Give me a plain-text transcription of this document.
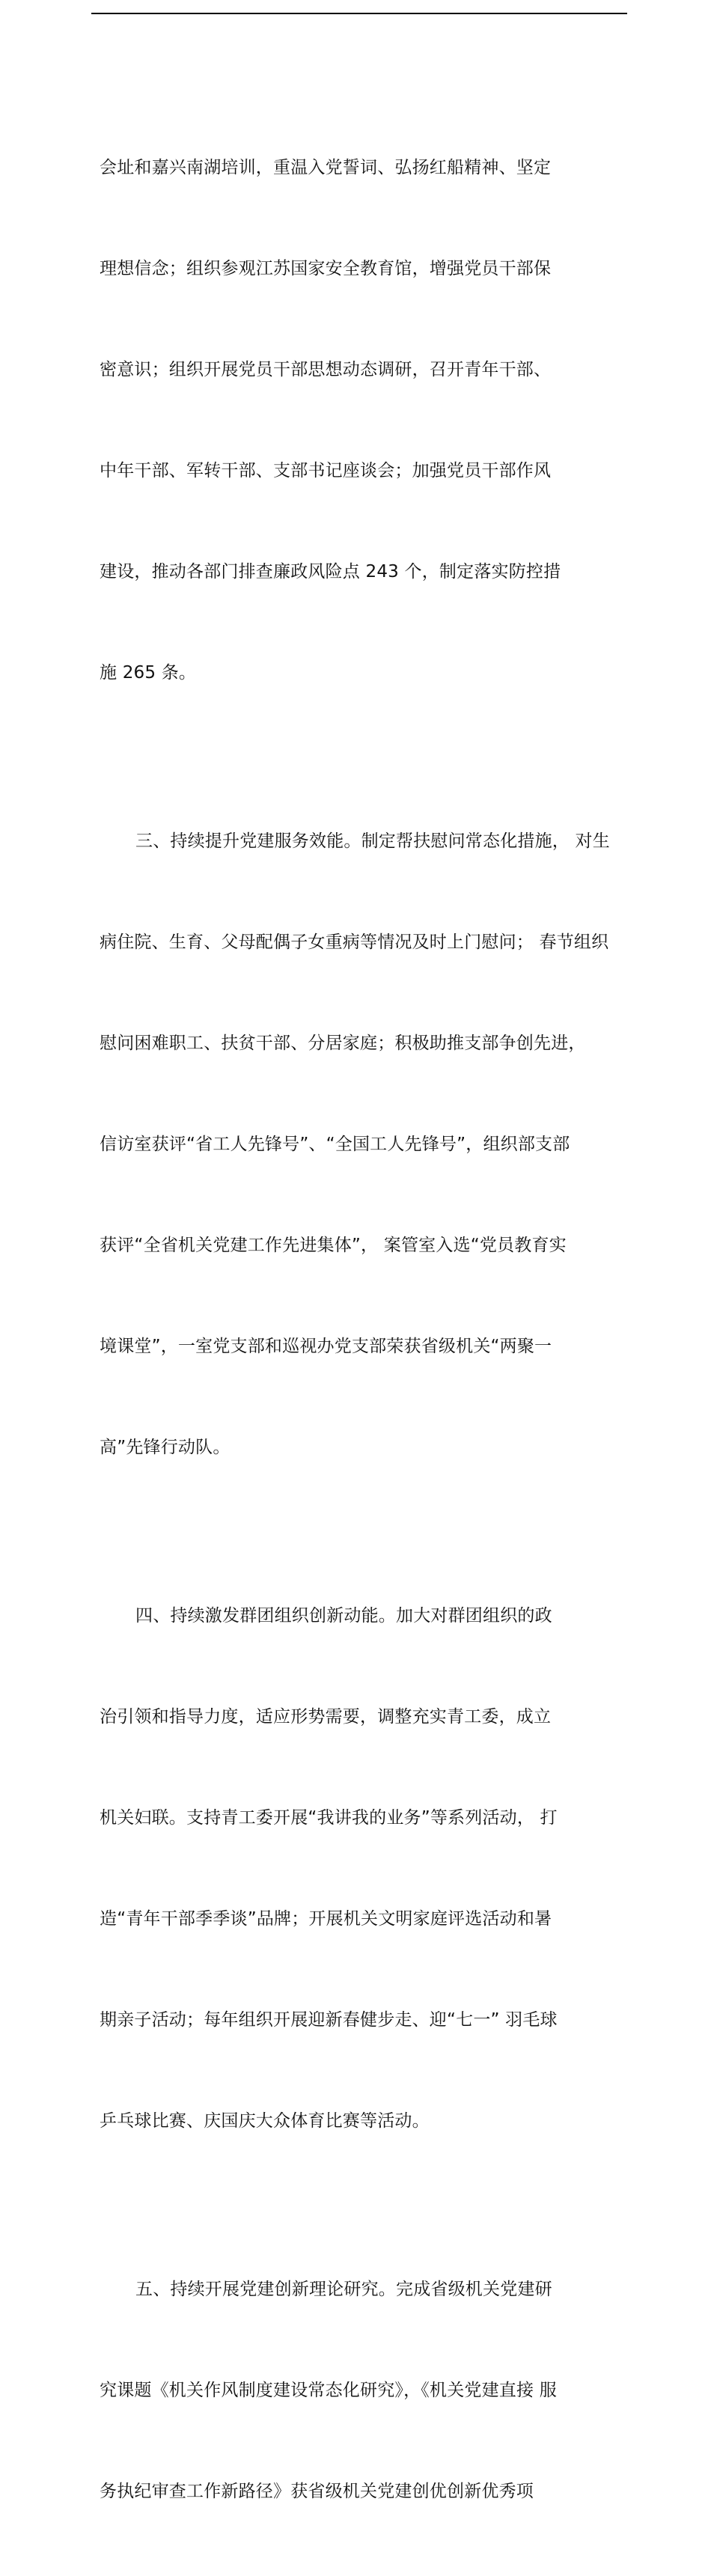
会址和嘉兴南湖培训，重温入党誓词、弘扬红船精神、坚定

理想信念；组织参观江苏国家安全教育馆，增强党员干部保

密意识；组织开展党员干部思想动态调研，召开青年干部、

中年干部、军转干部、支部书记座谈会；加强党员干部作风

建设，推动各部门排查廉政风险点 243 个，制定落实防控措

施 265 条。

三、持续提升党建服务效能。制定帮扶慰问常态化措施， 对生

病住院、生育、父母配偶子女重病等情况及时上门慰问； 春节组织

慰问困难职工、扶贫干部、分居家庭；积极助推支部争创先进，

信访室获评“省工人先锋号”、“全国工人先锋号”，组织部支部

获评“全省机关党建工作先进集体”， 案管室入选“党员教育实

境课堂”，一室党支部和巡视办党支部荣获省级机关“两聚一

高”先锋行动队。

四、持续激发群团组织创新动能。加大对群团组织的政

治引领和指导力度，适应形势需要，调整充实青工委，成立

机关妇联。支持青工委开展“我讲我的业务”等系列活动， 打

造“青年干部季季谈”品牌；开展机关文明家庭评选活动和暑

期亲子活动；每年组织开展迎新春健步走、迎“七一” 羽毛球

乒乓球比赛、庆国庆大众体育比赛等活动。

五、持续开展党建创新理论研究。完成省级机关党建研

究课题《机关作风制度建设常态化研究》，《机关党建直接 服

务执纪审查工作新路径》获省级机关党建创优创新优秀项
